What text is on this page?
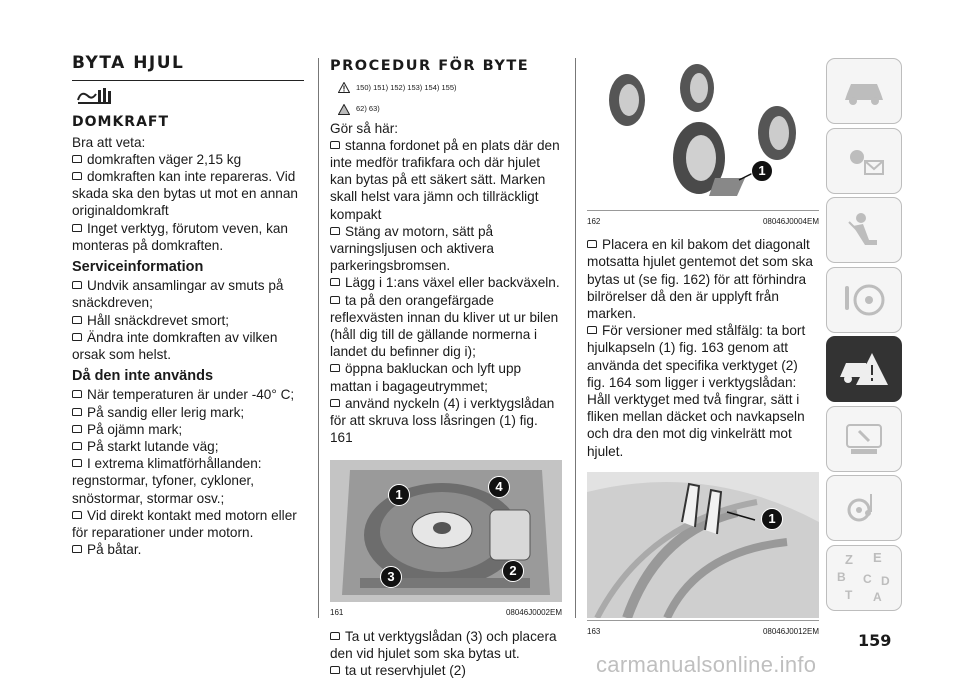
BYTA HJUL
DOMKRAFT

Bra att veta:

domkraften väger 2,15 kg

domkraften kan inte repareras. Vid skada ska den bytas ut mot en annan originaldomkraft

Inget verktyg, förutom veven, kan monteras på domkraften.

Serviceinformation

Undvik ansamlingar av smuts på snäckdreven;

Håll snäckdrevet smort;

Ändra inte domkraften av vilken orsak som helst.

Då den inte används

När temperaturen är under -40° C;

På sandig eller lerig mark;

På ojämn mark;

På starkt lutande väg;

I extrema klimatförhållanden: regnstormar, tyfoner, cykloner, snöstormar, stormar osv.;

Vid direkt kontakt med motorn eller för reparationer under motorn.

På båtar.

PROCEDUR FÖR BYTE
150) 151) 152) 153) 154) 155)
62) 63)

Gör så här:

stanna fordonet på en plats där den inte medför trafikfara och där hjulet kan bytas på ett säkert sätt. Marken skall helst vara jämn och tillräckligt kompakt

Stäng av motorn, sätt på varningsljusen och aktivera parkeringsbromsen.

Lägg i 1:ans växel eller backväxeln.

ta på den orangefärgade reflexvästen innan du kliver ut ur bilen (håll dig till de gällande normerna i landet du befinner dig i);

öppna bakluckan och lyft upp mattan i bagageutrymmet;

använd nyckeln (4) i verktygslådan för att skruva loss låsringen (1) fig. 161

1
4
3	2
161	08046J0002EM

Ta ut verktygslådan (3) och placera den vid hjulet som ska bytas ut.

ta ut reservhjulet (2)

1
162	08046J0004EM

Placera en kil bakom det diagonalt motsatta hjulet gentemot det som ska bytas ut (se fig. 162) för att förhindra bilrörelser då den är upplyft från marken.

För versioner med stålfälg: ta bort hjulkapseln (1) fig. 163 genom att använda det specifika verktyget (2) fig. 164 som ligger i verktygslådan: Håll verktyget med två fingrar, sätt i fliken mellan däcket och navkapseln och dra den mot dig vinkelrätt mot hjulet.

1
163	08046J0012EM
Z E
B C D
T A
159
carmanualsonline.info
